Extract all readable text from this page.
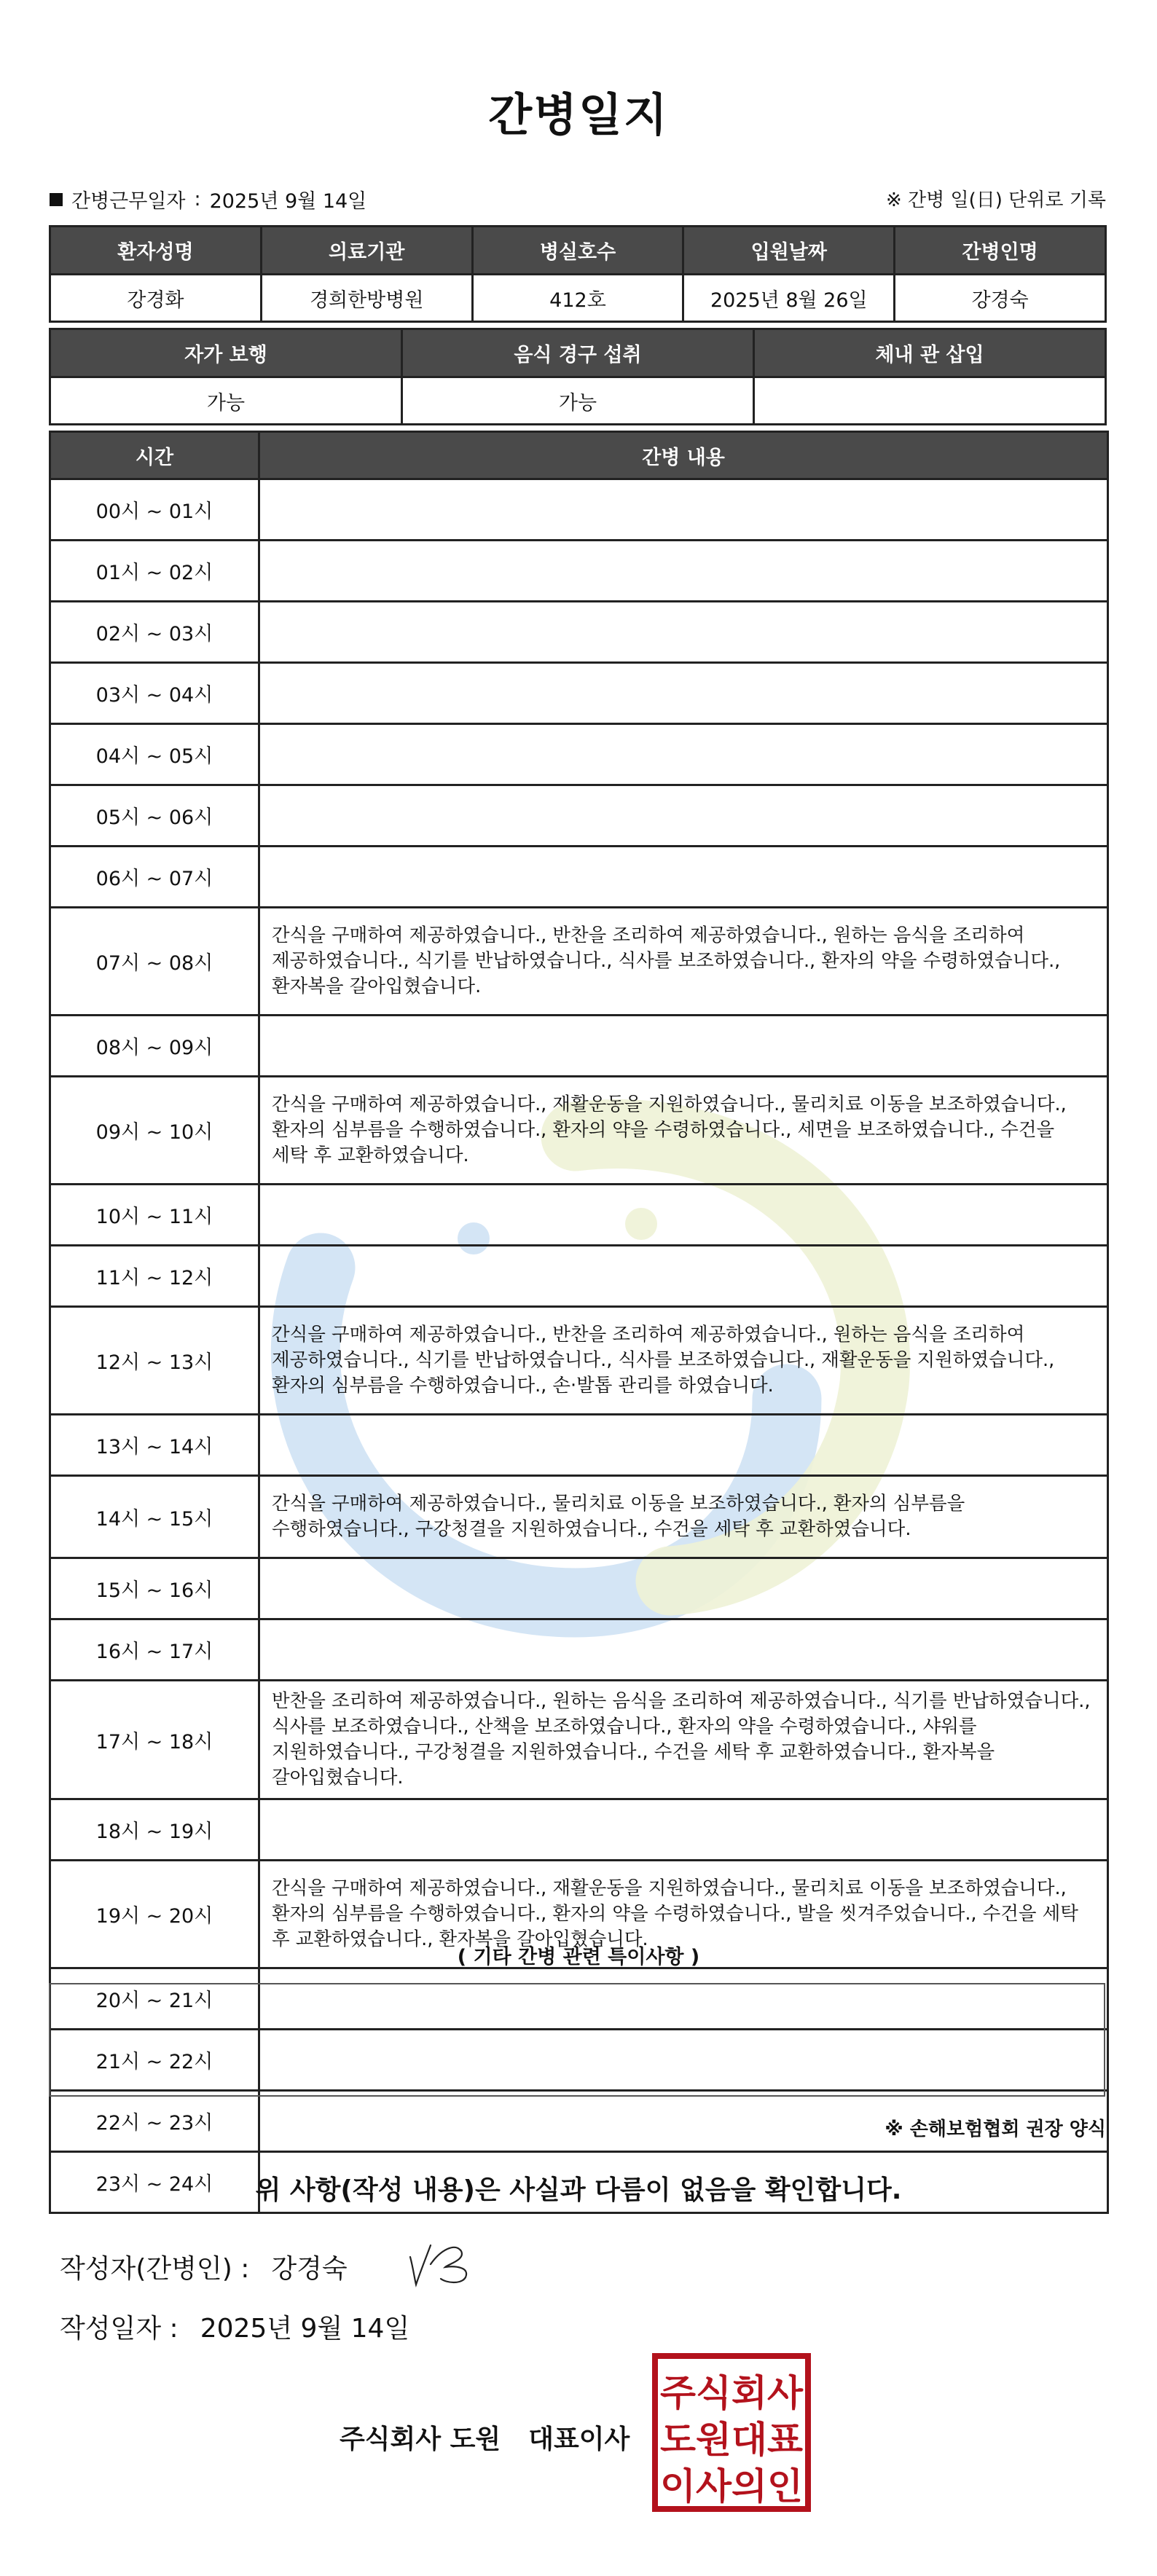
간병일지
간병근무일자 : 2025년 9월 14일	※ 간병 일(日) 단위로 기록
환자성명	의료기관	병실호수	입원날짜	간병인명
강경화	경희한방병원	412호	2025년 8월 26일	강경숙
자가 보행	음식 경구 섭취	체내 관 삽입
가능	가능	
시간	간병 내용
00시 ~ 01시	
01시 ~ 02시	
02시 ~ 03시	
03시 ~ 04시	
04시 ~ 05시	
05시 ~ 06시	
06시 ~ 07시	
07시 ~ 08시	간식을 구매하여 제공하였습니다., 반찬을 조리하여 제공하였습니다., 원하는 음식을 조리하여 제공하였습니다., 식기를 반납하였습니다., 식사를 보조하였습니다., 환자의 약을 수령하였습니다., 환자복을 갈아입혔습니다.
08시 ~ 09시	
09시 ~ 10시	간식을 구매하여 제공하였습니다., 재활운동을 지원하였습니다., 물리치료 이동을 보조하였습니다., 환자의 심부름을 수행하였습니다., 환자의 약을 수령하였습니다., 세면을 보조하였습니다., 수건을 세탁 후 교환하였습니다.
10시 ~ 11시	
11시 ~ 12시	
12시 ~ 13시	간식을 구매하여 제공하였습니다., 반찬을 조리하여 제공하였습니다., 원하는 음식을 조리하여 제공하였습니다., 식기를 반납하였습니다., 식사를 보조하였습니다., 재활운동을 지원하였습니다., 환자의 심부름을 수행하였습니다., 손·발톱 관리를 하였습니다.
13시 ~ 14시	
14시 ~ 15시	간식을 구매하여 제공하였습니다., 물리치료 이동을 보조하였습니다., 환자의 심부름을 수행하였습니다., 구강청결을 지원하였습니다., 수건을 세탁 후 교환하였습니다.
15시 ~ 16시	
16시 ~ 17시	
17시 ~ 18시	반찬을 조리하여 제공하였습니다., 원하는 음식을 조리하여 제공하였습니다., 식기를 반납하였습니다., 식사를 보조하였습니다., 산책을 보조하였습니다., 환자의 약을 수령하였습니다., 샤워를 지원하였습니다., 구강청결을 지원하였습니다., 수건을 세탁 후 교환하였습니다., 환자복을 갈아입혔습니다.
18시 ~ 19시	
19시 ~ 20시	간식을 구매하여 제공하였습니다., 재활운동을 지원하였습니다., 물리치료 이동을 보조하였습니다., 환자의 심부름을 수행하였습니다., 환자의 약을 수령하였습니다., 발을 씻겨주었습니다., 수건을 세탁 후 교환하였습니다., 환자복을 갈아입혔습니다.
20시 ~ 21시	
21시 ~ 22시	
22시 ~ 23시	
23시 ~ 24시	
( 기타 간병 관련 특이사항 )
※ 손해보험협회 권장 양식
위 사항(작성 내용)은 사실과 다름이 없음을 확인합니다.
작성자(간병인) : 강경숙
작성일자 : 2025년 9월 14일
주식회사 도원 대표이사
주식회사
도원대표
이사의인
